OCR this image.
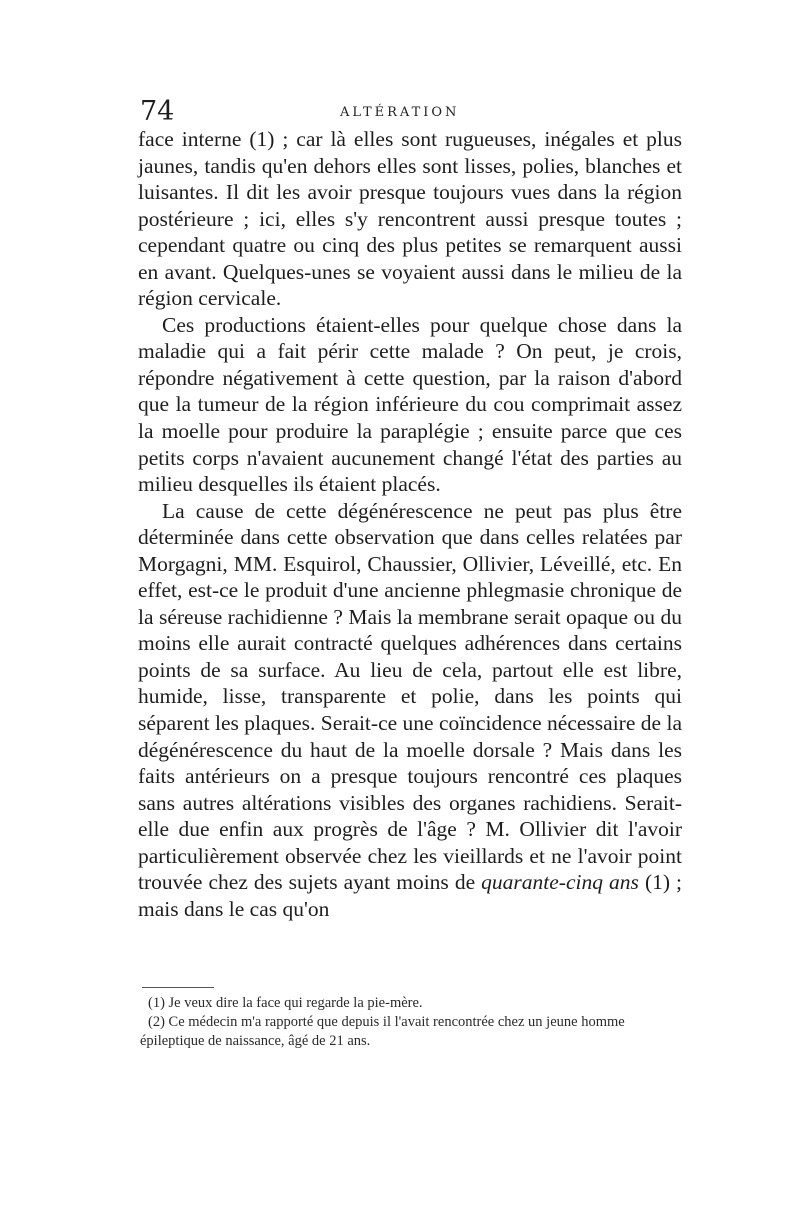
74	ALTÉRATION

face interne (1) ; car là elles sont rugueuses, inégales et plus jaunes, tandis qu'en dehors elles sont lisses, polies, blanches et luisantes. Il dit les avoir presque toujours vues dans la région postérieure ; ici, elles s'y rencontrent aussi presque toutes ; cependant quatre ou cinq des plus petites se remarquent aussi en avant. Quelques-unes se voyaient aussi dans le milieu de la région cervicale.

Ces productions étaient-elles pour quelque chose dans la maladie qui a fait périr cette malade ? On peut, je crois, répondre négativement à cette question, par la raison d'abord que la tumeur de la région inférieure du cou comprimait assez la moelle pour produire la paraplégie ; ensuite parce que ces petits corps n'avaient aucunement changé l'état des parties au milieu desquelles ils étaient placés.

La cause de cette dégénérescence ne peut pas plus être déterminée dans cette observation que dans celles relatées par Morgagni, MM. Esquirol, Chaussier, Ollivier, Léveillé, etc. En effet, est-ce le produit d'une ancienne phlegmasie chronique de la séreuse rachidienne ? Mais la membrane serait opaque ou du moins elle aurait contracté quelques adhérences dans certains points de sa surface. Au lieu de cela, partout elle est libre, humide, lisse, transparente et polie, dans les points qui séparent les plaques. Serait-ce une coïncidence nécessaire de la dégénérescence du haut de la moelle dorsale ? Mais dans les faits antérieurs on a presque toujours rencontré ces plaques sans autres altérations visibles des organes rachidiens. Serait-elle due enfin aux progrès de l'âge ? M. Ollivier dit l'avoir particulièrement observée chez les vieillards et ne l'avoir point trouvée chez des sujets ayant moins de quarante-cinq ans (1) ; mais dans le cas qu'on

(1) Je veux dire la face qui regarde la pie-mère.

(2) Ce médecin m'a rapporté que depuis il l'avait rencontrée chez un jeune homme épileptique de naissance, âgé de 21 ans.
